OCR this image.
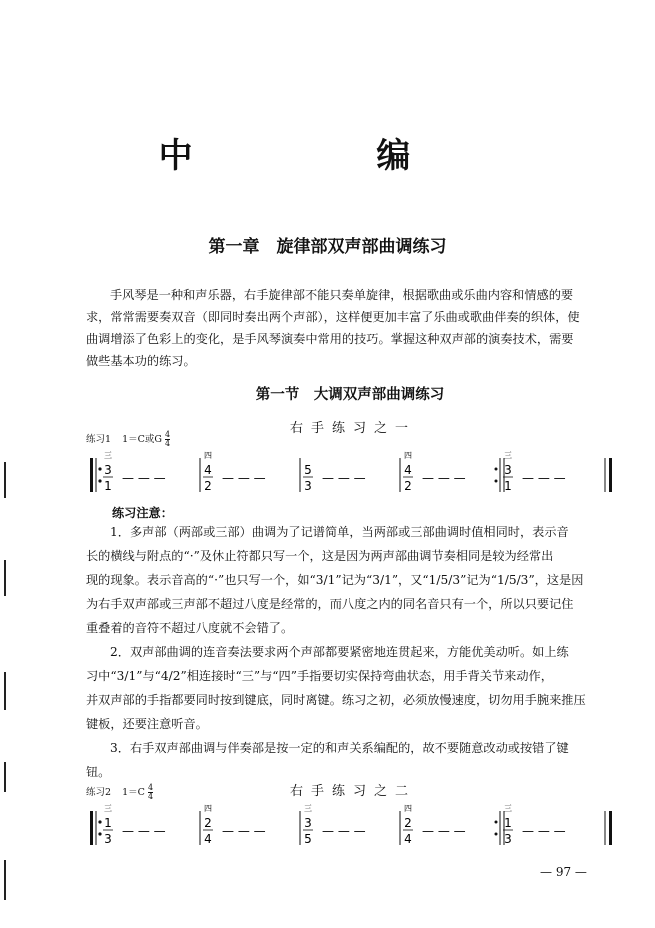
中 编
第一章　旋律部双声部曲调练习
手风琴是一种和声乐器，右手旋律部不能只奏单旋律，根据歌曲或乐曲内容和情感的要
求，常常需要奏双音（即同时奏出两个声部），这样便更加丰富了乐曲或歌曲伴奏的织体，使
曲调增添了色彩上的变化，是手风琴演奏中常用的技巧。掌握这种双声部的演奏技术，需要
做些基本功的练习。
第一节　大调双声部曲调练习
右手练习之一
练习1 1＝C或G $\frac{4}{4}$
三
3
1
— — —
四
4
2
— — —
5
3
— — —
四
4
2
— — —
三
3
1
— — —
练习注意：
1．多声部（两部或三部）曲调为了记谱简单，当两部或三部曲调时值相同时，表示音
长的横线与附点的“·”及休止符都只写一个，这是因为两声部曲调节奏相同是较为经常出
现的现象。表示音高的“·”也只写一个，如“3/1”记为“3/1”，又“1/5/3”记为“1/5/3”，这是因
为右手双声部或三声部不超过八度是经常的，而八度之内的同名音只有一个，所以只要记住
重叠着的音符不超过八度就不会错了。
2．双声部曲调的连音奏法要求两个声部都要紧密地连贯起来，方能优美动听。如上练
习中“3/1”与“4/2”相连接时“三”与“四”手指要切实保持弯曲状态，用手背关节来动作，
并双声部的手指都要同时按到键底，同时离键。练习之初，必须放慢速度，切勿用手腕来推压
键板，还要注意听音。
3．右手双声部曲调与伴奏部是按一定的和声关系编配的，故不要随意改动或按错了键
钮。
右手练习之二
练习2 $1=C \frac{4}{4}$
三
1
3
— — —
四
2
4
— — —
三
3
5
— — —
四
2
4
— — —
三
1
3
— — —
— 97 —
